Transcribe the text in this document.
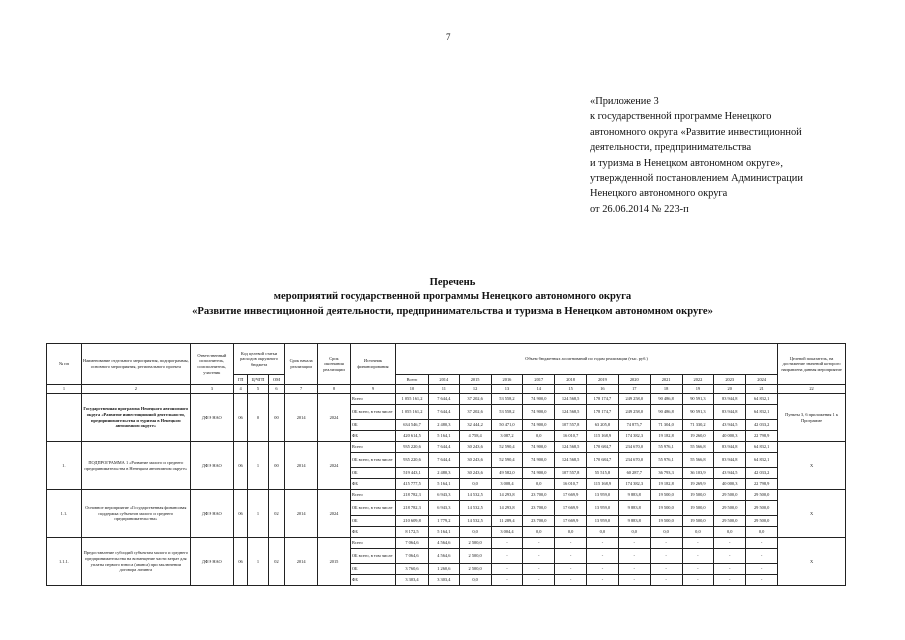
7
«Приложение 3
к государственной программе Ненецкого
автономного округа «Развитие инвестиционной
деятельности, предпринимательства
и туризма в Ненецком автономном округе»,
утвержденной постановлением Администрации
Ненецкого автономного округа
от 26.06.2014 № 223-п
Перечень
мероприятий государственной программы Ненецкого автономного округа
«Развитие инвестиционной деятельности, предпринимательства и туризма в Ненецком автономном округе»
№ пп	Наименование отдельного мероприятия, подпрограммы, основного мероприятия, регионального проекта	Ответственный исполнитель, соисполнитель, участник	Код целевой статьи расходов окружного бюджета			Срок начала реализации	Срок окончания реализации	Источник финансирования	Объем бюджетных ассигнований по годам реализации (тыс. руб.)												Целевой показатель, на достижение значений которого направлена данная мероприятие
			ГП	Ц/ЧГП	ОМ				Всего	2014	2015	2016	2017	2018	2019	2020	2021	2022	2023	2024	
1	2	3	4	5	6	7	8	9	10	11	12	13	14	15	16	17	18	19	20	21	22
	Государственная программа Ненецкого автономного округа «Развитие инвестиционной деятельности, предпринимательства и туризма в Ненецком автономном округе»	ДФЭ НАО	06	0	00	2014	2024	Всего	1 055 161,2	7 644,4	37 202,6	53 558,2	74 900,0	124 568,5	178 174,7	249 258,0	90 486,8	90 591,3	83 944,8	64 832,1	Пункты 3, 6 приложения 1 к Программе
								ОБ всего, в том числе	1 055 161,2	7 644,4	37 202,6	53 558,2	74 900,0	124 568,5	178 174,7	249 258,0	90 486,8	90 591,3	83 944,8	64 832,1	
								ОБ	634 546,7	2 480,3	32 444,2	50 471,0	74 900,0	107 557,8	63 205,8	74 875,7	71 304,0	71 330,2	43 944,5	42 033,2	
								ФБ	420 614,5	5 164,1	4 758,4	3 087,2	0,0	16 010,7	115 168,9	174 382,3	19 182,8	19 260,0	40 000,3	22 798,9	
1.	ПОДПРОГРАММА 1 «Развитие малого и среднего предпринимательства в Ненецком автономном округе»	ДФЭ НАО	06	1	00	2014	2024	Всего	935 220,6	7 644,4	30 243,6	52 590,4	74 900,0	124 568,5	170 684,7	234 670,0	55 976,1	55 566,8	83 944,8	64 832,1	Х
								ОБ всего, в том числе	935 220,6	7 644,4	30 243,6	52 590,4	74 900,0	124 568,5	170 684,7	234 670,0	55 976,1	55 566,8	83 944,8	64 832,1	
								ОБ	519 443,1	2 480,3	30 243,6	49 582,0	74 900,0	107 557,8	55 515,8	60 287,7	36 793,3	36 103,9	43 944,5	42 033,2	
								ФБ	415 777,5	5 164,1	0,0	3 008,4	0,0	16 010,7	115 168,9	174 382,3	19 182,8	19 269,9	40 000,3	22 798,9	
1.1.	Основное мероприятие «Государственная финансовая поддержка субъектов малого и среднего предпринимательства»	ДФЭ НАО	06	1	02	2014	2024	Всего	218 782,3	6 943,3	14 532,5	14 293,8	23 700,0	17 669,9	13 959,0	9 883,8	19 500,0	19 500,0	29 500,0	29 500,0	Х
								ОБ всего, в том числе	218 782,3	6 943,3	14 532,5	14 293,8	23 700,0	17 669,9	13 959,0	9 883,8	19 500,0	19 500,0	29 500,0	29 500,0	
								ОБ	210 609,8	1 779,2	14 532,5	11 289,4	23 700,0	17 669,9	13 959,0	9 883,8	19 500,0	19 500,0	29 500,0	29 500,0	
								ФБ	8 172,5	5 164,1	0,0	3 004,4	0,0	0,0	0,0	0,0	0,0	0,0	0,0	0,0	
1.1.1.	Предоставление субсидий субъектам малого и среднего предпринимательства на возмещение части затрат для уплаты первого взноса (аванса) при заключении договора лизинга	ДФЭ НАО	06	1	02	2014	2015	Всего	7 064,6	4 564,6	2 500,0	-	-	-	-	-	-	-	-	-	Х
								ОБ всего, в том числе	7 064,6	4 564,6	2 500,0	-	-	-	-	-	-	-	-	-	
								ОБ	3 760,6	1 260,6	2 500,0	-	-	-	-	-	-	-	-	-	
								ФБ	3 303,4	3 303,4	0,0	-	-	-	-	-	-	-	-	-	
